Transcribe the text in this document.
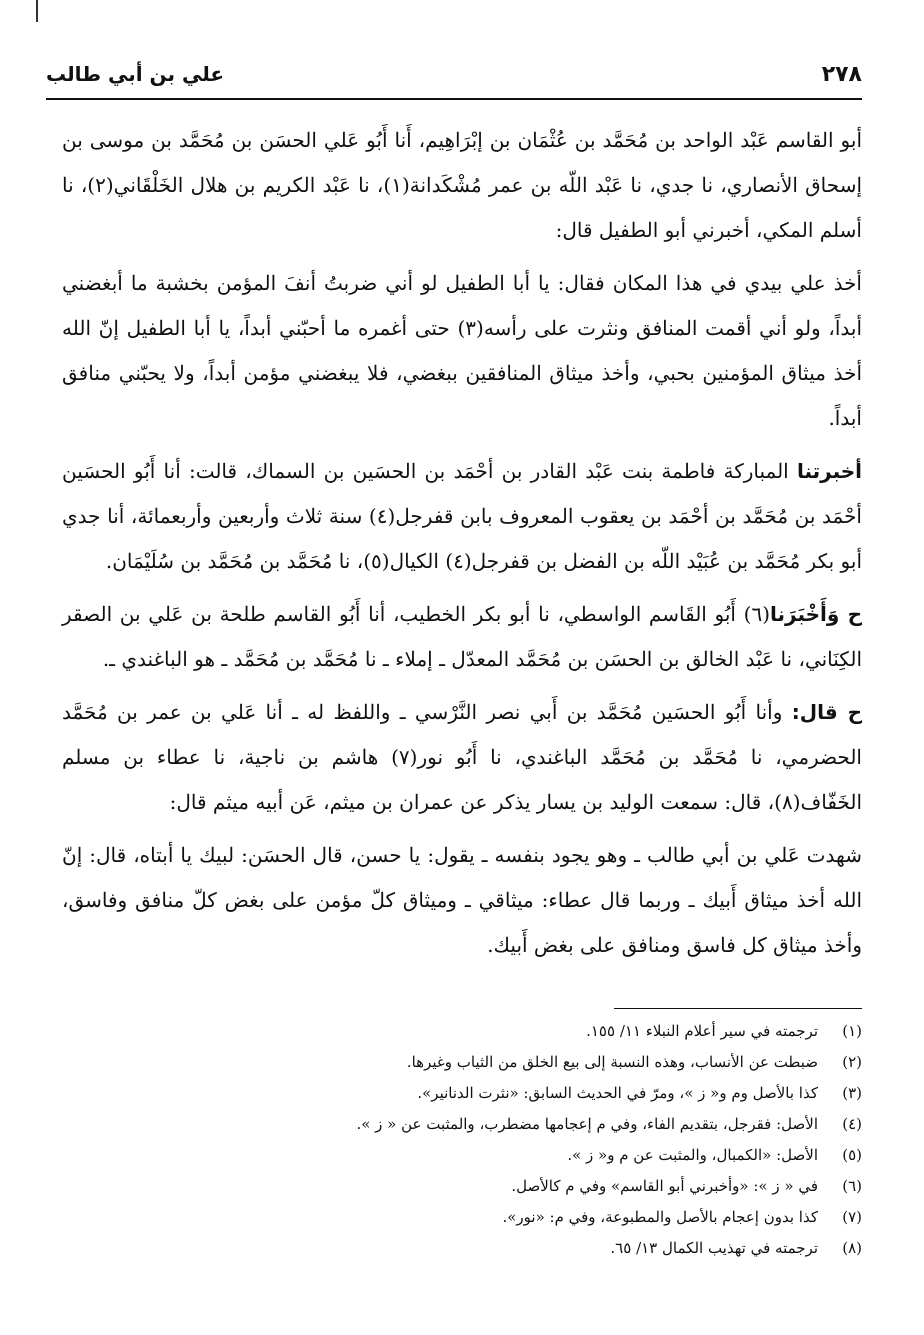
٢٧٨
علي بن أبي طالب

أبو القاسم عَبْد الواحد بن مُحَمَّد بن عُثْمَان بن إبْرَاهِيم، أَنا أَبُو عَلي الحسَن بن مُحَمَّد بن موسى بن إسحاق الأنصاري، نا جدي، نا عَبْد اللّه بن عمر مُشْكَدانة(١)، نا عَبْد الكريم بن هلال الخَلْقَاني(٢)، نا أسلم المكي، أخبرني أبو الطفيل قال:

أخذ علي بيدي في هذا المكان فقال: يا أبا الطفيل لو أني ضربتُ أنفَ المؤمن بخشبة ما أبغضني أبداً، ولو أني أقمت المنافق ونثرت على رأسه(٣) حتى أغمره ما أحبّني أبداً، يا أبا الطفيل إنّ الله أخذ ميثاق المؤمنين بحبي، وأخذ ميثاق المنافقين ببغضي، فلا يبغضني مؤمن أبداً، ولا يحبّني منافق أبداً.

أخبرتنا المباركة فاطمة بنت عَبْد القادر بن أحْمَد بن الحسَين بن السماك، قالت: أنا أَبُو الحسَين أحْمَد بن مُحَمَّد بن أحْمَد بن يعقوب المعروف بابن قفرجل(٤) سنة ثلاث وأربعين وأربعمائة، أنا جدي أبو بكر مُحَمَّد بن عُبَيْد اللّه بن الفضل بن قفرجل(٤) الكيال(٥)، نا مُحَمَّد بن مُحَمَّد بن سُلَيْمَان.

ح وَأَخْبَرَنا(٦) أَبُو القَاسم الواسطي، نا أبو بكر الخطيب، أنا أَبُو القاسم طلحة بن عَلي بن الصقر الكِنَاني، نا عَبْد الخالق بن الحسَن بن مُحَمَّد المعدّل ـ إملاء ـ نا مُحَمَّد بن مُحَمَّد ـ هو الباغندي ـ.

ح قال: وأنا أَبُو الحسَين مُحَمَّد بن أَبي نصر النَّرْسي ـ واللفظ له ـ أنا عَلي بن عمر بن مُحَمَّد الحضرمي، نا مُحَمَّد بن مُحَمَّد الباغندي، نا أَبُو نور(٧) هاشم بن ناجية، نا عطاء بن مسلم الخَفّاف(٨)، قال: سمعت الوليد بن يسار يذكر عن عمران بن ميثم، عَن أبيه ميثم قال:

شهدت عَلي بن أبي طالب ـ وهو يجود بنفسه ـ يقول: يا حسن، قال الحسَن: لبيك يا أبتاه، قال: إنّ الله أخذ ميثاق أَبيك ـ وربما قال عطاء: ميثاقي ـ وميثاق كلّ مؤمن على بغض كلّ منافق وفاسق، وأخذ ميثاق كل فاسق ومنافق على بغض أَبيك.

(١)ترجمته في سير أعلام النبلاء ١١/ ١٥٥.
(٢)ضبطت عن الأنساب، وهذه النسبة إلى بيع الخلق من الثياب وغيرها.
(٣)كذا بالأصل وم و« ز »، ومرّ في الحديث السابق: «نثرت الدنانير».
(٤)الأصل: فقرجل، بتقديم الفاء، وفي م إعجامها مضطرب، والمثبت عن « ز ».
(٥)الأصل: «الكمبال، والمثبت عن م و« ز ».
(٦)في « ز »: «وأخبرني أبو القاسم» وفي م كالأصل.
(٧)كذا بدون إعجام بالأصل والمطبوعة، وفي م: «نور».
(٨)ترجمته في تهذيب الكمال ١٣/ ٦٥.
